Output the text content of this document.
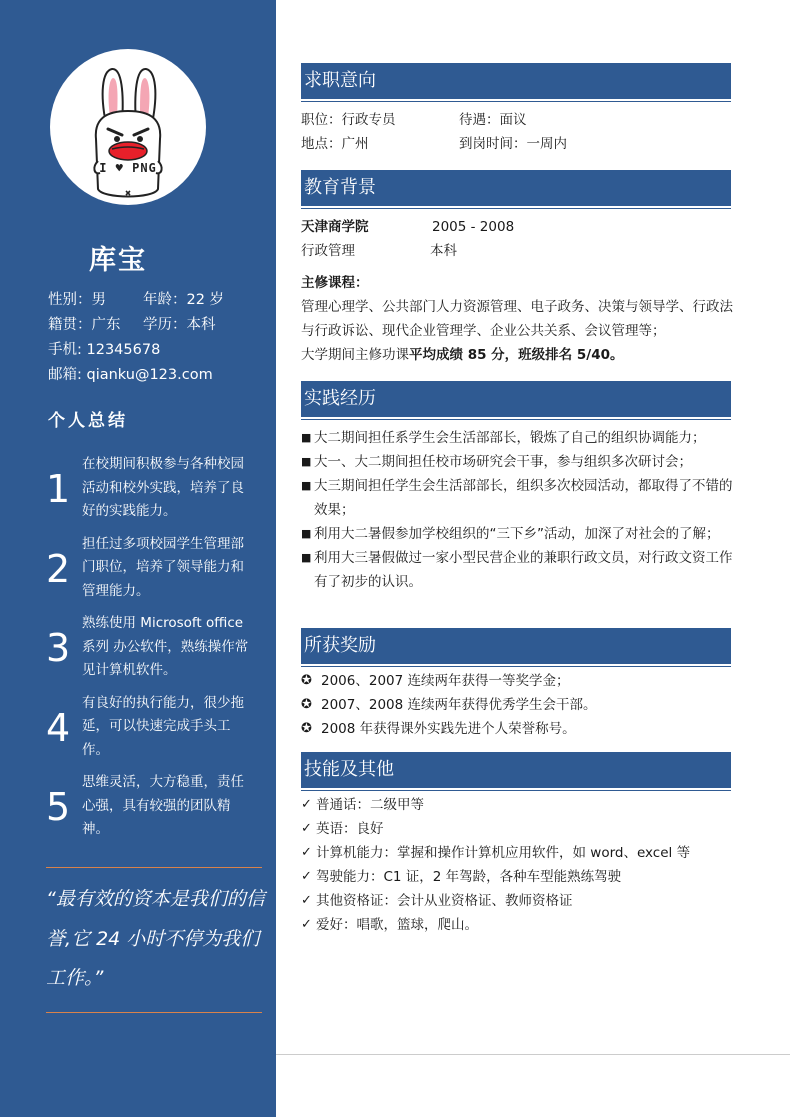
I ♥ PNG
库宝
性别：男	年龄：22 岁
籍贯：广东	学历：本科
手机: 12345678
邮箱: qianku@123.com
个人总结
1
在校期间积极参与各种校园活动和校外实践，培养了良好的实践能力。
2
担任过多项校园学生管理部门职位，培养了领导能力和管理能力。
3
熟练使用 Microsoft office 系列 办公软件，熟练操作常见计算机软件。
4
有良好的执行能力，很少拖延，可以快速完成手头工作。
5
思维灵活，大方稳重，责任心强，具有较强的团队精神。
“最有效的资本是我们的信誉,它 24 小时不停为我们工作。”
求职意向
职位：行政专员	待遇：面议
地点：广州	到岗时间：一周内
教育背景
天津商学院	2005 - 2008
行政管理	本科
主修课程：
管理心理学、公共部门人力资源管理、电子政务、决策与领导学、行政法与行政诉讼、现代企业管理学、企业公共关系、会议管理等；
大学期间主修功课平均成绩 85 分，班级排名 5/40。
实践经历
■ 大二期间担任系学生会生活部部长，锻炼了自己的组织协调能力；
■ 大一、大二期间担任校市场研究会干事，参与组织多次研讨会；
■ 大三期间担任学生会生活部部长，组织多次校园活动，都取得了不错的效果；
■ 利用大二暑假参加学校组织的“三下乡”活动，加深了对社会的了解；
■ 利用大三暑假做过一家小型民营企业的兼职行政文员，对行政文资工作有了初步的认识。
所获奖励
✪ 2006、2007 连续两年获得一等奖学金；
✪ 2007、2008 连续两年获得优秀学生会干部。
✪ 2008 年获得课外实践先进个人荣誉称号。
技能及其他
✓ 普通话：二级甲等
✓ 英语：良好
✓ 计算机能力：掌握和操作计算机应用软件，如 word、excel 等
✓ 驾驶能力：C1 证，2 年驾龄，各种车型能熟练驾驶
✓ 其他资格证：会计从业资格证、教师资格证
✓ 爱好：唱歌，篮球，爬山。
